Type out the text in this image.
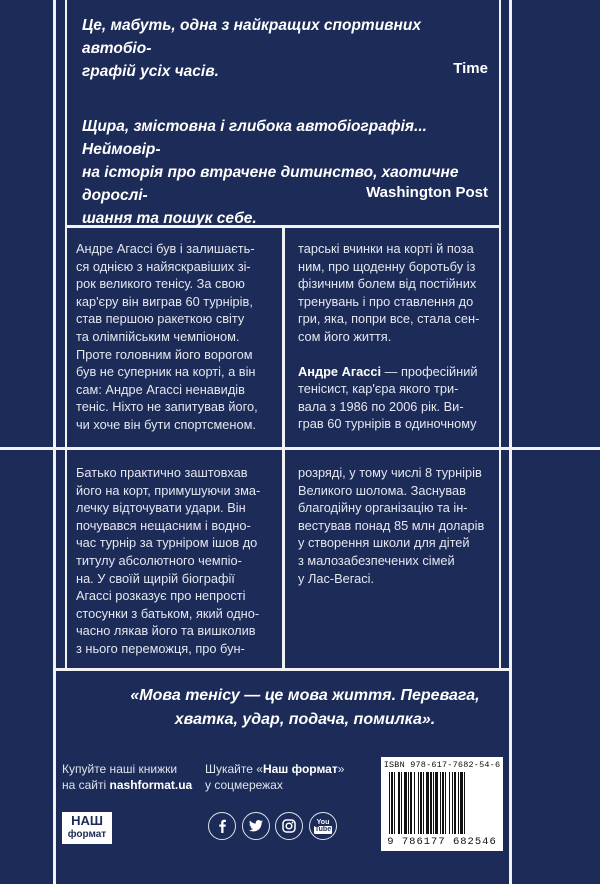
Це, мабуть, одна з найкращих спортивних автобіо-
графій усіх часів.	Time
Щира, змістовна і глибока автобіографія... Неймовір-
на історія про втрачене дитинство, хаотичне дорослі-
шання та пошук себе.
Washington Post
Андре Агассі був і залишаєть-
ся однією з найяскравіших зі-
рок великого тенісу. За свою
кар'єру він виграв 60 турнірів,
став першою ракеткою світу
та олімпійським чемпіоном.
Проте головним його ворогом
був не суперник на корті, а він
сам: Андре Агассі ненавидів
теніс. Ніхто не запитував його,
чи хоче він бути спортсменом.
тарські вчинки на корті й поза
ним, про щоденну боротьбу із
фізичним болем від постійних
тренувань і про ставлення до
гри, яка, попри все, стала сен-
сом його життя.
Андре Агассі — професійний
тенісист, кар'єра якого три-
вала з 1986 по 2006 рік. Ви-
грав 60 турнірів в одиночному
Батько практично заштовхав
його на корт, примушуючи зма-
лечку відточувати удари. Він
почувався нещасним і водно-
час турнір за турніром ішов до
титулу абсолютного чемпіо-
на. У своїй щирій біографії
Агассі розказує про непрості
стосунки з батьком, який одно-
часно лякав його та вишколив
з нього переможця, про бун-
розряді, у тому числі 8 турнірів
Великого шолома. Заснував
благодійну організацію та ін-
вестував понад 85 млн доларів
у створення школи для дітей
з малозабезпечених сімей
у Лас-Вегасі.
«Мова тенісу — це мова життя. Перевага,
хватка, удар, подача, помилка».
Купуйте наші книжки
на сайті nashformat.ua
Шукайте «Наш формат»
у соцмережах
НАШ
формат
You
Tube
ISBN 978-617-7682-54-6
9 786177 682546
